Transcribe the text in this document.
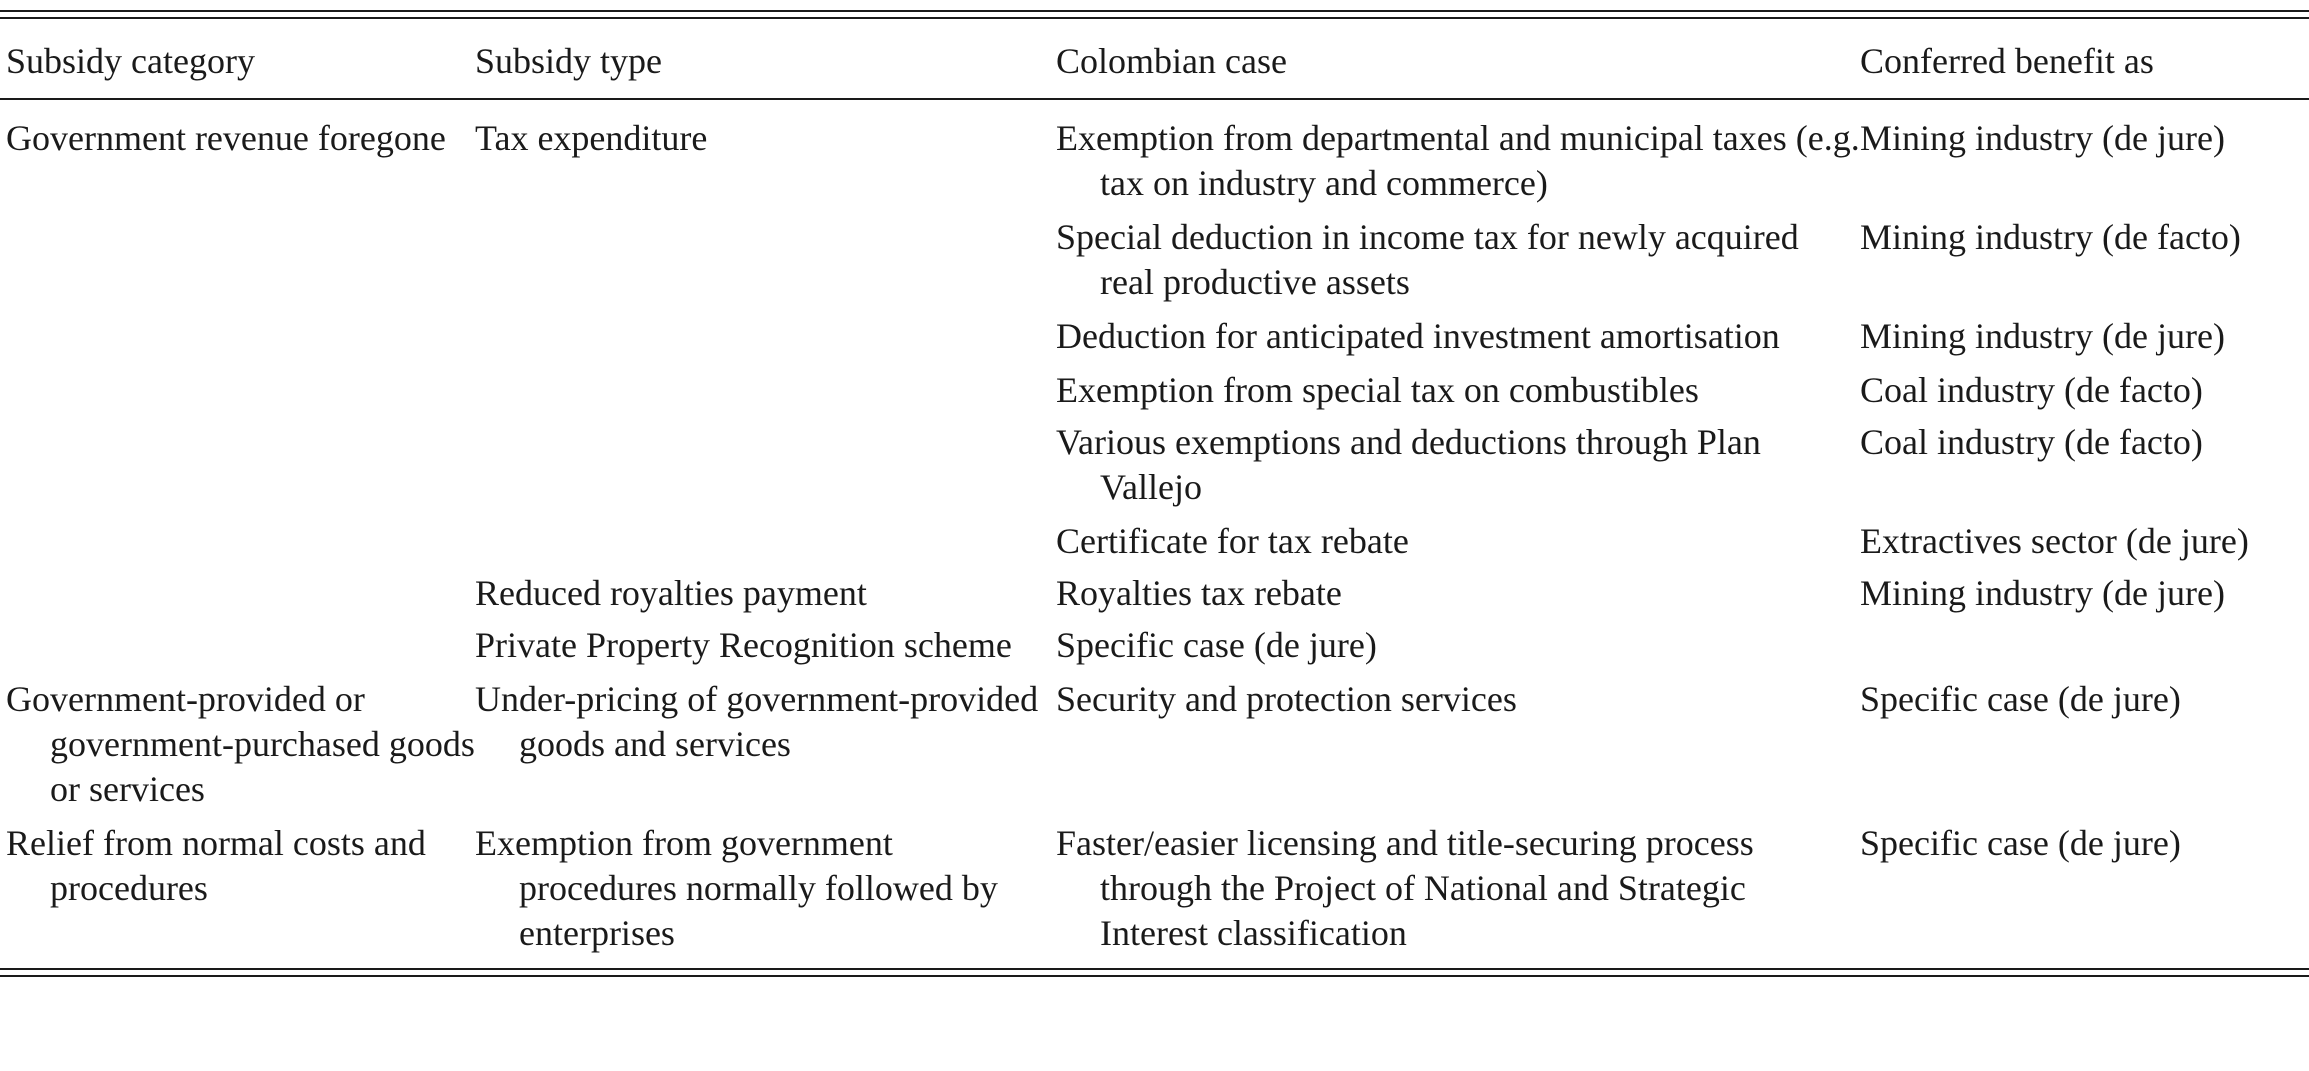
Subsidy category	Subsidy type	Colombian case	Conferred benefit as

Government revenue foregone	Tax expenditure	Exemption from departmental and municipal taxes (e.g. tax on industry and commerce)	Mining industry (de jure)

		Special deduction in income tax for newly acquired real productive assets	Mining industry (de facto)

		Deduction for anticipated investment amortisation	Mining industry (de jure)

		Exemption from special tax on combustibles	Coal industry (de facto)

		Various exemptions and deductions through Plan Vallejo	Coal industry (de facto)

		Certificate for tax rebate	Extractives sector (de jure)

	Reduced royalties payment	Royalties tax rebate	Mining industry (de jure)

	Private Property Recognition scheme	Specific case (de jure)	

Government-provided or government-purchased goods or services	Under-pricing of government-provided goods and services	Security and protection services	Specific case (de jure)

Relief from normal costs and procedures	Exemption from government procedures normally followed by enterprises	Faster/easier licensing and title-securing process through the Project of National and Strategic Interest classification	Specific case (de jure)
